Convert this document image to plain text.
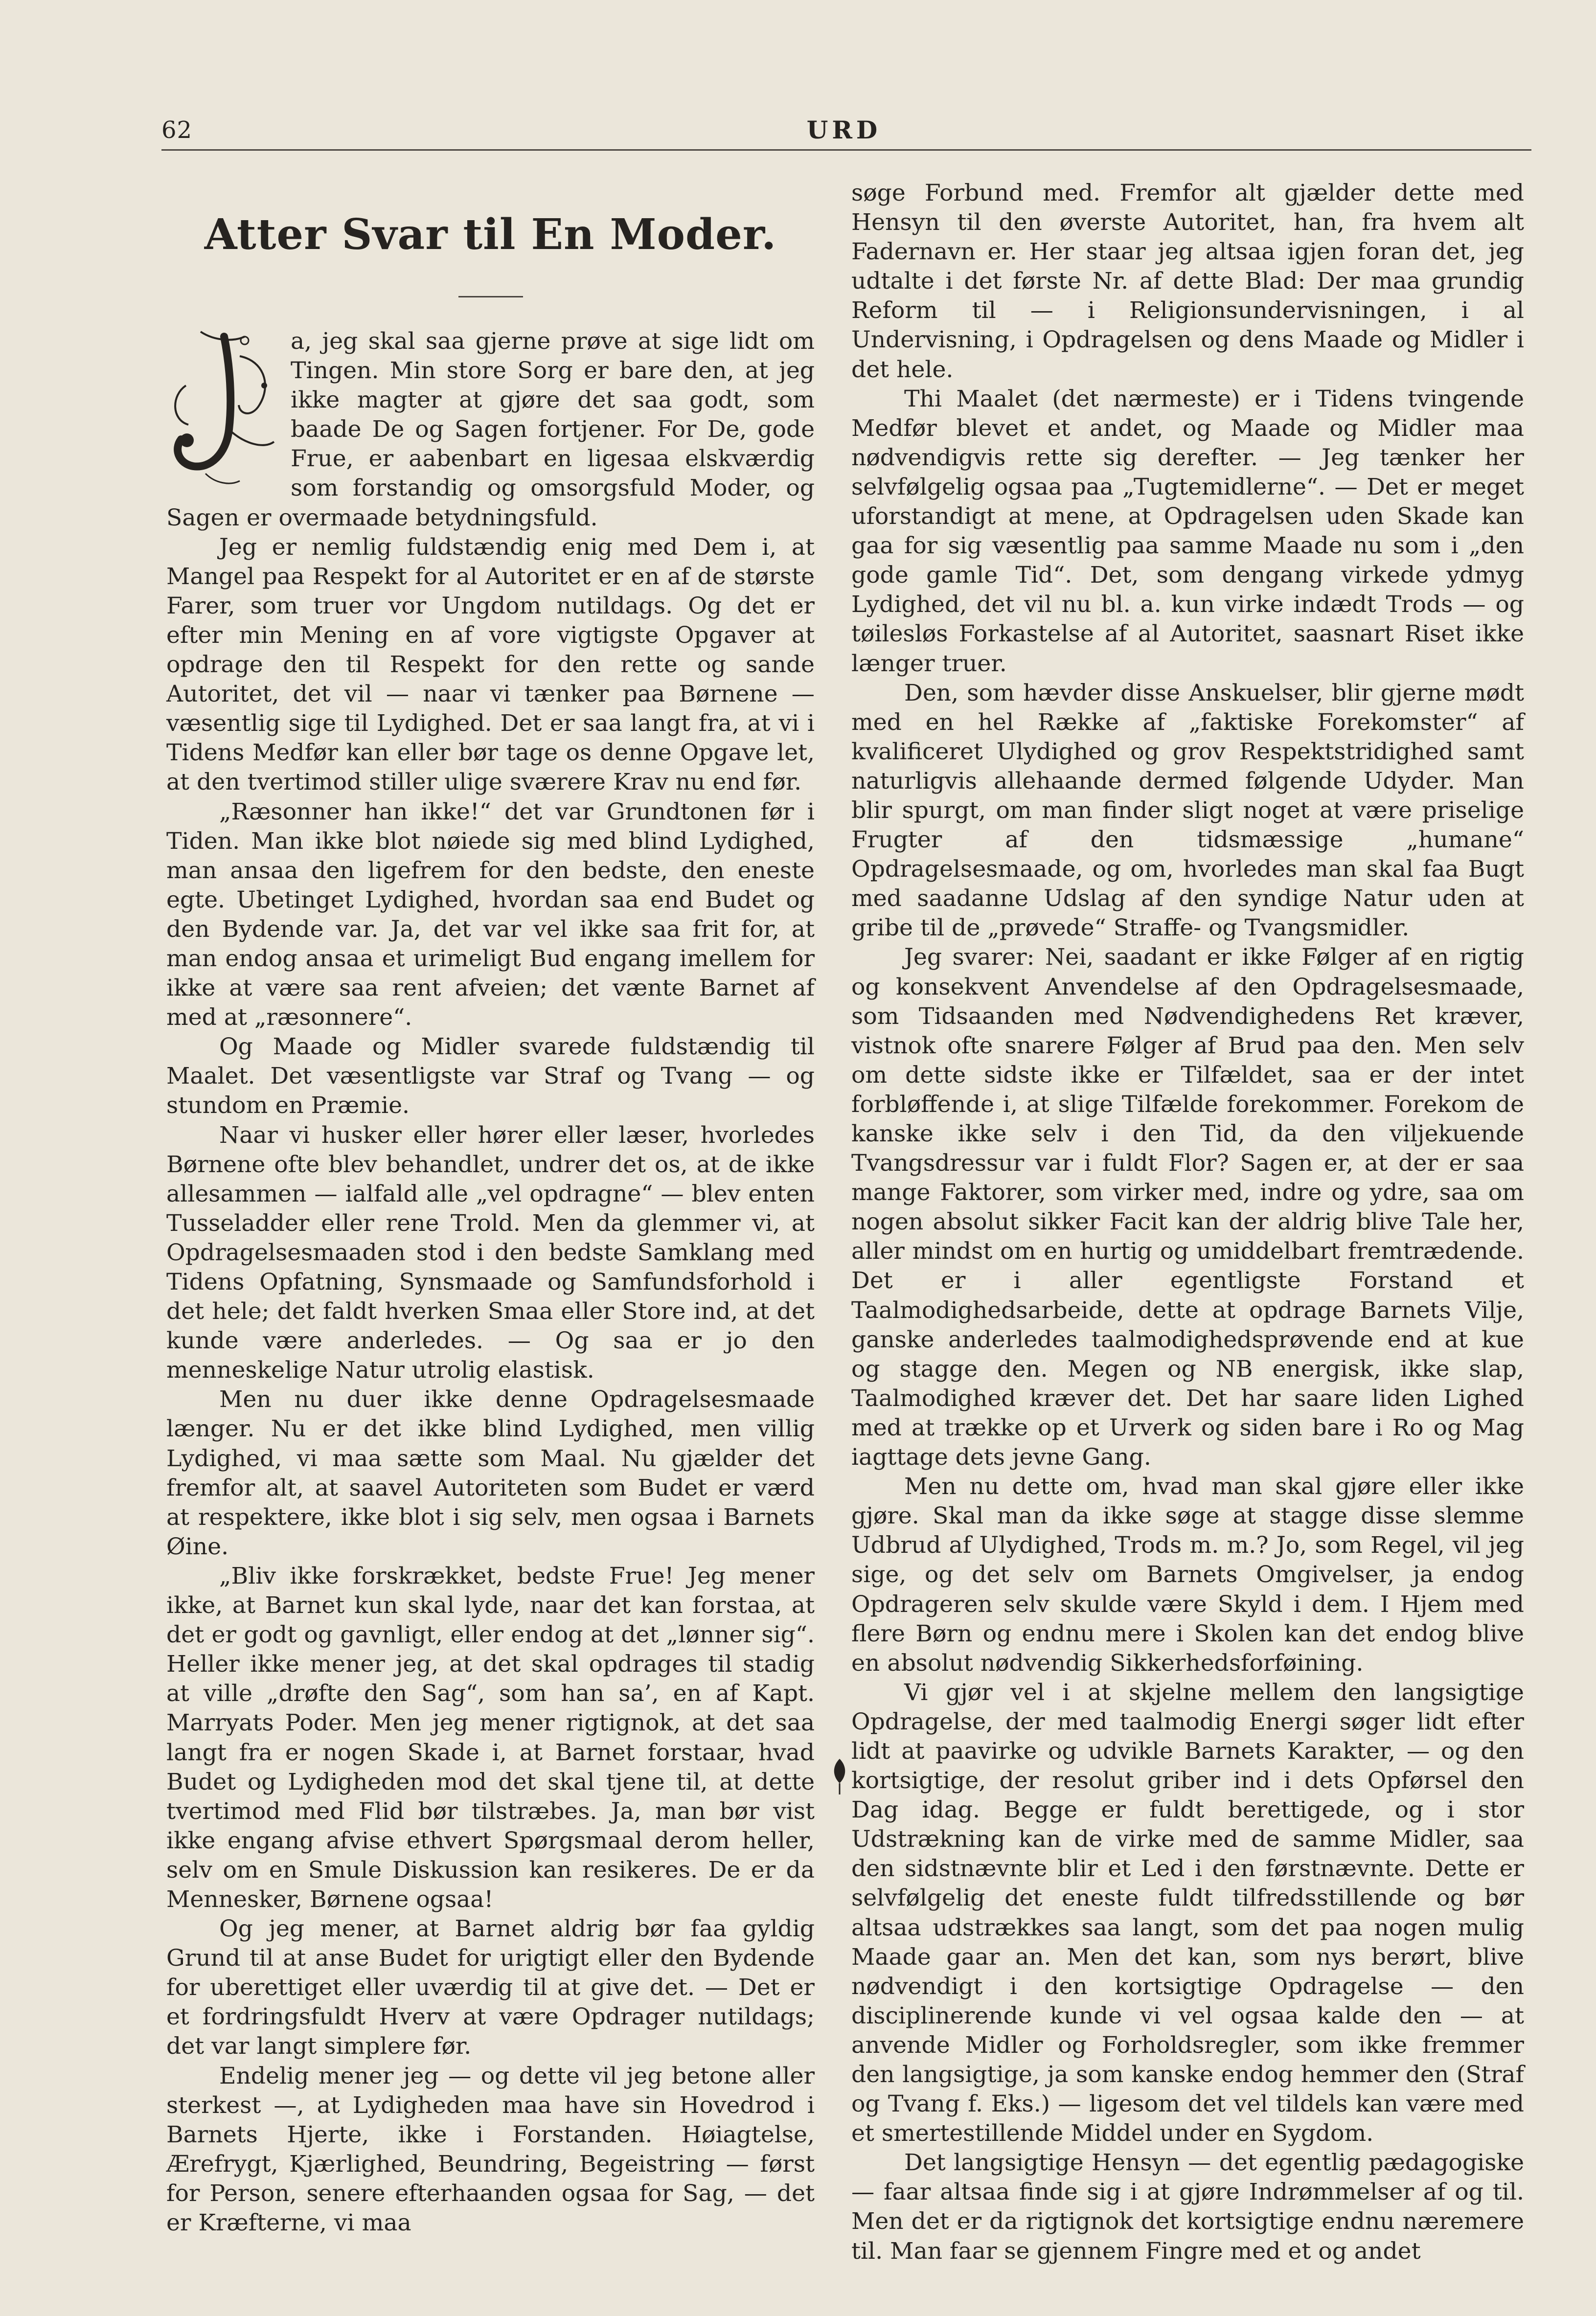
62	URD
Atter Svar til En Moder.

a, jeg skal saa gjerne prøve at sige lidt om Tingen. Min store Sorg er bare den, at jeg ikke magter at gjøre det saa godt, som baade De og Sagen fortjener. For De, gode Frue, er aabenbart en ligesaa elskværdig som forstandig og omsorgsfuld Moder, og Sagen er overmaade betydningsfuld.

Jeg er nemlig fuldstændig enig med Dem i, at Mangel paa Respekt for al Autoritet er en af de største Farer, som truer vor Ungdom nutildags. Og det er efter min Mening en af vore vigtigste Opgaver at opdrage den til Respekt for den rette og sande Autoritet, det vil — naar vi tænker paa Børnene — væsentlig sige til Lydighed. Det er saa langt fra, at vi i Tidens Medfør kan eller bør tage os denne Opgave let, at den tvertimod stiller ulige sværere Krav nu end før.

„Ræsonner han ikke!“ det var Grundtonen før i Tiden. Man ikke blot nøiede sig med blind Lydighed, man ansaa den ligefrem for den bedste, den eneste egte. Ubetinget Lydighed, hvordan saa end Budet og den Bydende var. Ja, det var vel ikke saa frit for, at man endog ansaa et urimeligt Bud engang imellem for ikke at være saa rent afveien; det vænte Barnet af med at „ræsonnere“.

Og Maade og Midler svarede fuldstændig til Maalet. Det væsentligste var Straf og Tvang — og stundom en Præmie.

Naar vi husker eller hører eller læser, hvorledes Børnene ofte blev behandlet, undrer det os, at de ikke allesammen — ialfald alle „vel opdragne“ — blev enten Tusseladder eller rene Trold. Men da glemmer vi, at Opdragelsesmaaden stod i den bedste Samklang med Tidens Opfatning, Synsmaade og Samfundsforhold i det hele; det faldt hverken Smaa eller Store ind, at det kunde være anderledes. — Og saa er jo den menneskelige Natur utrolig elastisk.

Men nu duer ikke denne Opdragelsesmaade længer. Nu er det ikke blind Lydighed, men villig Lydighed, vi maa sætte som Maal. Nu gjælder det fremfor alt, at saavel Autoriteten som Budet er værd at respektere, ikke blot i sig selv, men ogsaa i Barnets Øine.

„Bliv ikke forskrækket, bedste Frue! Jeg mener ikke, at Barnet kun skal lyde, naar det kan forstaa, at det er godt og gavnligt, eller endog at det „lønner sig“. Heller ikke mener jeg, at det skal opdrages til stadig at ville „drøfte den Sag“, som han sa’, en af Kapt. Marryats Poder. Men jeg mener rigtignok, at det saa langt fra er nogen Skade i, at Barnet forstaar, hvad Budet og Lydigheden mod det skal tjene til, at dette tvertimod med Flid bør tilstræbes. Ja, man bør vist ikke engang afvise ethvert Spørgsmaal derom heller, selv om en Smule Diskussion kan resikeres. De er da Mennesker, Børnene ogsaa!

Og jeg mener, at Barnet aldrig bør faa gyldig Grund til at anse Budet for urigtigt eller den Bydende for uberettiget eller uværdig til at give det. — Det er et fordringsfuldt Hverv at være Opdrager nutildags; det var langt simplere før.

Endelig mener jeg — og dette vil jeg betone aller sterkest —, at Lydigheden maa have sin Hovedrod i Barnets Hjerte, ikke i Forstanden. Høiagtelse, Ærefrygt, Kjærlighed, Beundring, Begeistring — først for Person, senere efterhaanden ogsaa for Sag, — det er Kræfterne, vi maa

søge Forbund med. Fremfor alt gjælder dette med Hensyn til den øverste Autoritet, han, fra hvem alt Fadernavn er. Her staar jeg altsaa igjen foran det, jeg udtalte i det første Nr. af dette Blad: Der maa grundig Reform til — i Religionsundervisningen, i al Undervisning, i Opdragelsen og dens Maade og Midler i det hele.

Thi Maalet (det nærmeste) er i Tidens tvingende Medfør blevet et andet, og Maade og Midler maa nødvendigvis rette sig derefter. — Jeg tænker her selvfølgelig ogsaa paa „Tugtemidlerne“. — Det er meget uforstandigt at mene, at Opdragelsen uden Skade kan gaa for sig væsentlig paa samme Maade nu som i „den gode gamle Tid“. Det, som dengang virkede ydmyg Lydighed, det vil nu bl. a. kun virke indædt Trods — og tøilesløs Forkastelse af al Autoritet, saasnart Riset ikke længer truer.

Den, som hævder disse Anskuelser, blir gjerne mødt med en hel Række af „faktiske Forekomster“ af kvalificeret Ulydighed og grov Respektstridighed samt naturligvis allehaande dermed følgende Udyder. Man blir spurgt, om man finder sligt noget at være priselige Frugter af den tidsmæssige „humane“ Opdragelsesmaade, og om, hvorledes man skal faa Bugt med saadanne Udslag af den syndige Natur uden at gribe til de „prøvede“ Straffe- og Tvangsmidler.

Jeg svarer: Nei, saadant er ikke Følger af en rigtig og konsekvent Anvendelse af den Opdragelsesmaade, som Tidsaanden med Nødvendighedens Ret kræver, vistnok ofte snarere Følger af Brud paa den. Men selv om dette sidste ikke er Tilfældet, saa er der intet forbløffende i, at slige Tilfælde forekommer. Forekom de kanske ikke selv i den Tid, da den viljekuende Tvangsdressur var i fuldt Flor? Sagen er, at der er saa mange Faktorer, som virker med, indre og ydre, saa om nogen absolut sikker Facit kan der aldrig blive Tale her, aller mindst om en hurtig og umiddelbart fremtrædende. Det er i aller egentligste Forstand et Taalmodighedsarbeide, dette at opdrage Barnets Vilje, ganske anderledes taalmodighedsprøvende end at kue og stagge den. Megen og NB energisk, ikke slap, Taalmodighed kræver det. Det har saare liden Lighed med at trække op et Urverk og siden bare i Ro og Mag iagttage dets jevne Gang.

Men nu dette om, hvad man skal gjøre eller ikke gjøre. Skal man da ikke søge at stagge disse slemme Udbrud af Ulydighed, Trods m. m.? Jo, som Regel, vil jeg sige, og det selv om Barnets Omgivelser, ja endog Opdrageren selv skulde være Skyld i dem. I Hjem med flere Børn og endnu mere i Skolen kan det endog blive en absolut nødvendig Sikkerhedsforføining.

Vi gjør vel i at skjelne mellem den langsigtige Opdragelse, der med taalmodig Energi søger lidt efter lidt at paavirke og udvikle Barnets Karakter, — og den kortsigtige, der resolut griber ind i dets Opførsel den Dag idag. Begge er fuldt berettigede, og i stor Udstrækning kan de virke med de samme Midler, saa den sidstnævnte blir et Led i den førstnævnte. Dette er selvfølgelig det eneste fuldt tilfredsstillende og bør altsaa udstrækkes saa langt, som det paa nogen mulig Maade gaar an. Men det kan, som nys berørt, blive nødvendigt i den kortsigtige Opdragelse — den disciplinerende kunde vi vel ogsaa kalde den — at anvende Midler og Forholdsregler, som ikke fremmer den langsigtige, ja som kanske endog hemmer den (Straf og Tvang f. Eks.) — ligesom det vel tildels kan være med et smertestillende Middel under en Sygdom.

Det langsigtige Hensyn — det egentlig pædagogiske — faar altsaa finde sig i at gjøre Indrømmelser af og til. Men det er da rigtignok det kortsigtige endnu næremere til. Man faar se gjennem Fingre med et og andet
